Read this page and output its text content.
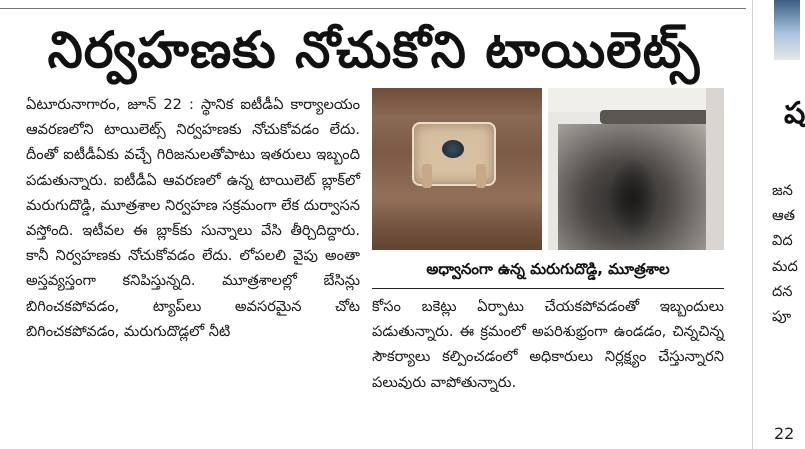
నిర్వహణకు నోచుకోని టాయిలెట్స్
ఏటూరునాగారం, జూన్ 22 : స్థానిక ఐటీడీఏ కార్యాలయం ఆవరణలోని టాయిలెట్స్ నిర్వహణకు నోచుకోవడం లేదు. దీంతో ఐటీడీఏకు వచ్చే గిరిజనులతోపాటు ఇతరులు ఇబ్బంది పడుతున్నారు. ఐటీడీఏ ఆవరణలో ఉన్న టాయిలెట్ బ్లాక్‌లో మరుగుదొడ్డి, మూత్రశాల నిర్వహణ సక్రమంగా లేక దుర్వాసన వస్తోంది. ఇటీవల ఈ బ్లాక్‌కు సున్నాలు వేసి తీర్చిదిద్దారు. కానీ నిర్వహణకు నోచుకోవడం లేదు. లోపలలి వైపు అంతా అస్తవ్యస్తంగా కనిపిస్తున్నది. మూత్రశాలల్లో బేసిన్లు బిగించకపోవడం, ట్యాప్‌లు అవసరమైన చోట బిగించకపోవడం, మరుగుదొడ్లలో నీటి
అధ్వానంగా ఉన్న మరుగుదొడ్డి, మూత్రశాల
కోసం బకెట్లు ఏర్పాటు చేయకపోవడంతో ఇబ్బందులు పడుతున్నారు. ఈ క్రమంలో అపరిశుభ్రంగా ఉండడం, చిన్నచిన్న సౌకర్యాలు కల్పించడంలో అధికారులు నిర్లక్ష్యం చేస్తున్నారని పలువురు వాపోతున్నారు.
ష
జన ఆత విద మద దన పూ
22
